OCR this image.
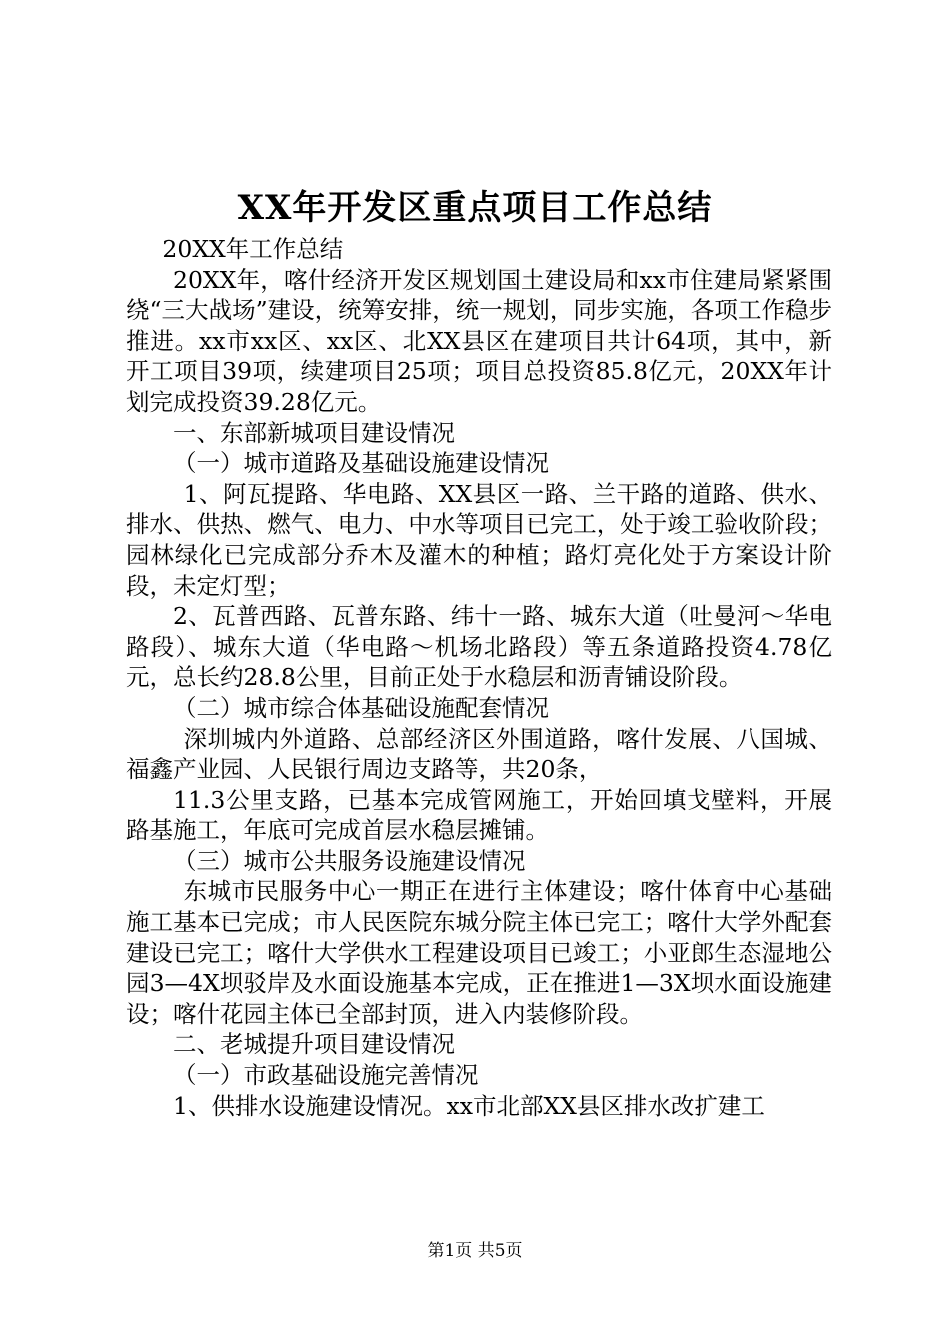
XX年开发区重点项目工作总结

20XX年工作总结

20XX年，喀什经济开发区规划国土建设局和xx市住建局紧紧围绕“三大战场”建设，统筹安排，统一规划，同步实施，各项工作稳步推进。xx市xx区、xx区、北XX县区在建项目共计64项，其中，新开工项目39项，续建项目25项；项目总投资85.8亿元，20XX年计划完成投资39.28亿元。

一、东部新城项目建设情况

（一）城市道路及基础设施建设情况

1、阿瓦提路、华电路、XX县区一路、兰干路的道路、供水、排水、供热、燃气、电力、中水等项目已完工，处于竣工验收阶段；园林绿化已完成部分乔木及灌木的种植；路灯亮化处于方案设计阶段，未定灯型；

2、瓦普西路、瓦普东路、纬十一路、城东大道（吐曼河～华电路段）、城东大道（华电路～机场北路段）等五条道路投资4.78亿元，总长约28.8公里，目前正处于水稳层和沥青铺设阶段。

（二）城市综合体基础设施配套情况

深圳城内外道路、总部经济区外围道路，喀什发展、八国城、福鑫产业园、人民银行周边支路等，共20条，

11.3公里支路，已基本完成管网施工，开始回填戈壁料，开展路基施工，年底可完成首层水稳层摊铺。

（三）城市公共服务设施建设情况

东城市民服务中心一期正在进行主体建设；喀什体育中心基础施工基本已完成；市人民医院东城分院主体已完工；喀什大学外配套建设已完工；喀什大学供水工程建设项目已竣工；小亚郎生态湿地公园3—4X坝驳岸及水面设施基本完成，正在推进1—3X坝水面设施建设；喀什花园主体已全部封顶，进入内装修阶段。

二、老城提升项目建设情况

（一）市政基础设施完善情况

1、供排水设施建设情况。xx市北部XX县区排水改扩建工

第1页 共5页
